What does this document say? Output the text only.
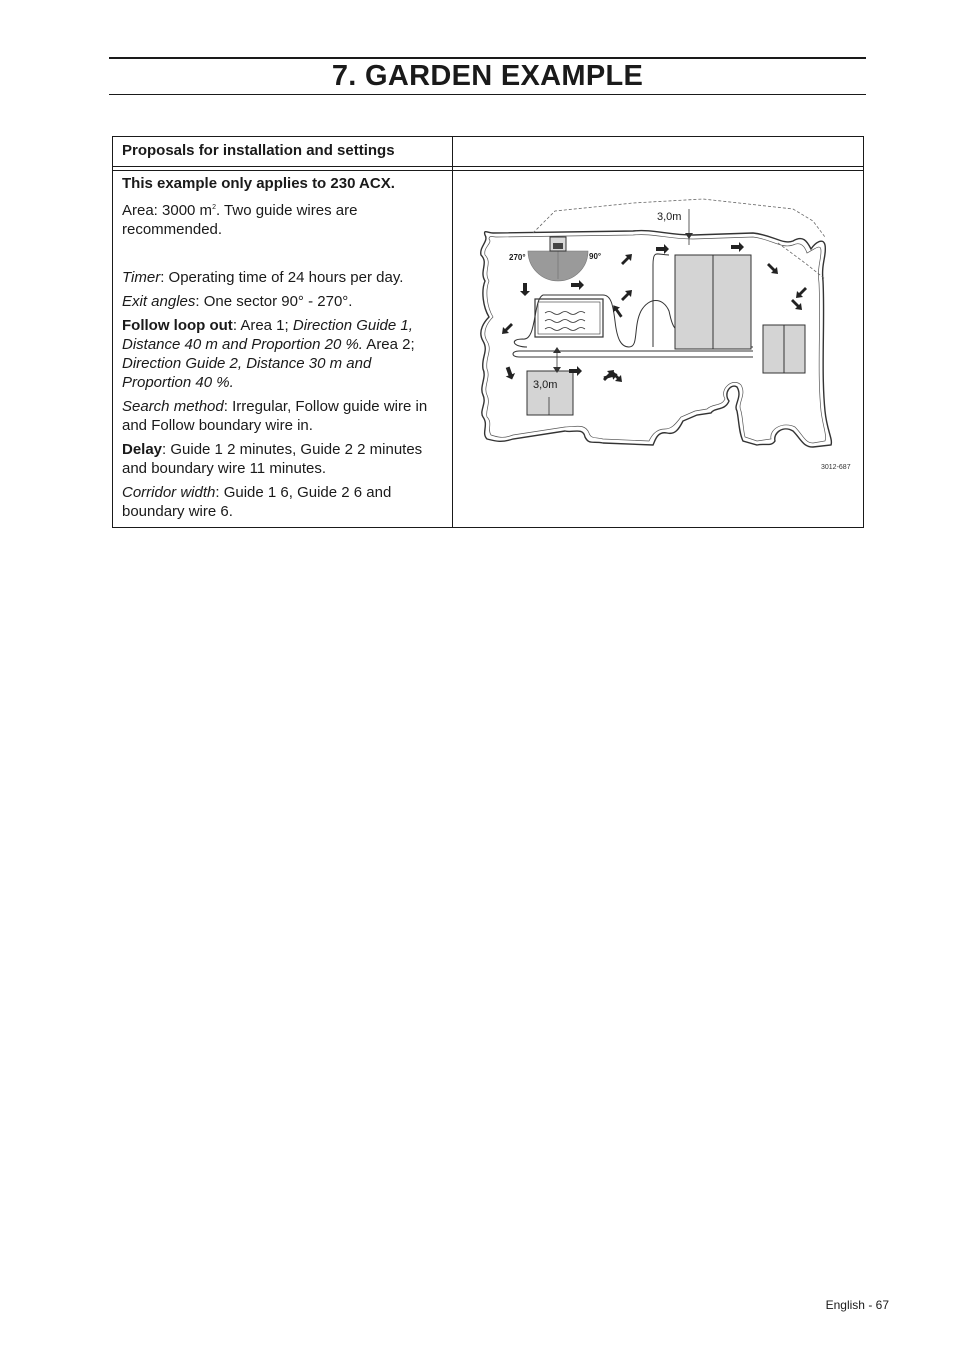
7. GARDEN EXAMPLE
Proposals for installation and settings

This example only applies to 230 ACX.

Area: 3000 $m^2$. Two guide wires are recommended.

Timer: Operating time of 24 hours per day.

Exit angles: One sector 90° - 270°.

Follow loop out: Area 1; Direction Guide 1, Distance 40 m and Proportion 20 %. Area 2; Direction Guide 2, Distance 30 m and Proportion 40 %.

Search method: Irregular, Follow guide wire in and Follow boundary wire in.

Delay: Guide 1 2 minutes, Guide 2 2 minutes and boundary wire 11 minutes.

Corridor width: Guide 1 6, Guide 2 6 and boundary wire 6.

3,0m
3,0m
270°	90°
3012-687
English - 67
